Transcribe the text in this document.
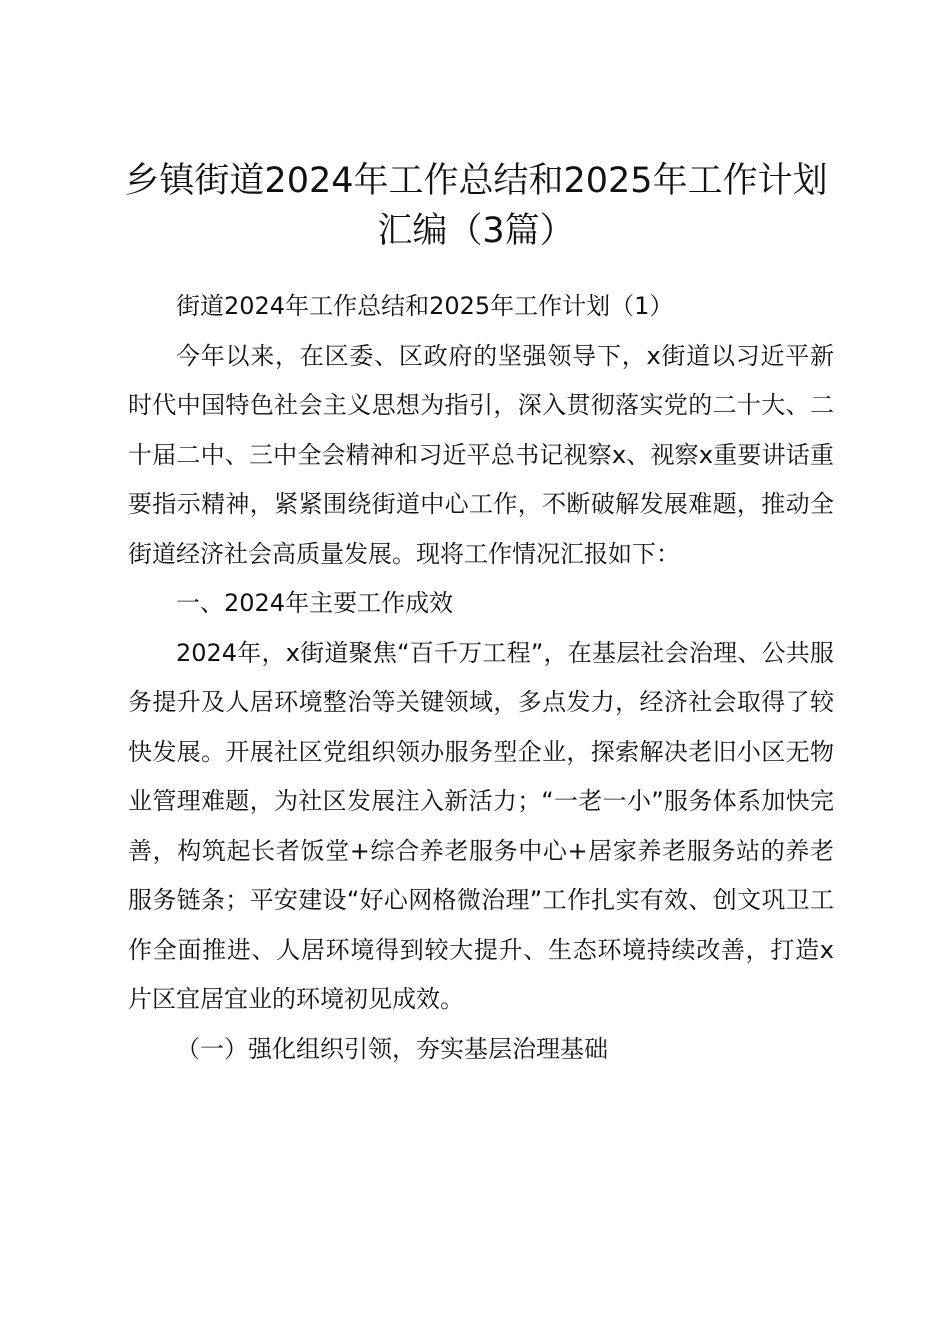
乡镇街道2024年工作总结和2025年工作计划汇编（3篇）

街道2024年工作总结和2025年工作计划（1）

今年以来，在区委、区政府的坚强领导下，x街道以习近平新时代中国特色社会主义思想为指引，深入贯彻落实党的二十大、二十届二中、三中全会精神和习近平总书记视察x、视察x重要讲话重要指示精神，紧紧围绕街道中心工作，不断破解发展难题，推动全街道经济社会高质量发展。现将工作情况汇报如下：

一、2024年主要工作成效

2024年，x街道聚焦“百千万工程”，在基层社会治理、公共服务提升及人居环境整治等关键领域，多点发力，经济社会取得了较快发展。开展社区党组织领办服务型企业，探索解决老旧小区无物业管理难题，为社区发展注入新活力；“一老一小”服务体系加快完善，构筑起长者饭堂+综合养老服务中心+居家养老服务站的养老服务链条；平安建设“好心网格微治理”工作扎实有效、创文巩卫工作全面推进、人居环境得到较大提升、生态环境持续改善，打造x片区宜居宜业的环境初见成效。

（一）强化组织引领，夯实基层治理基础
